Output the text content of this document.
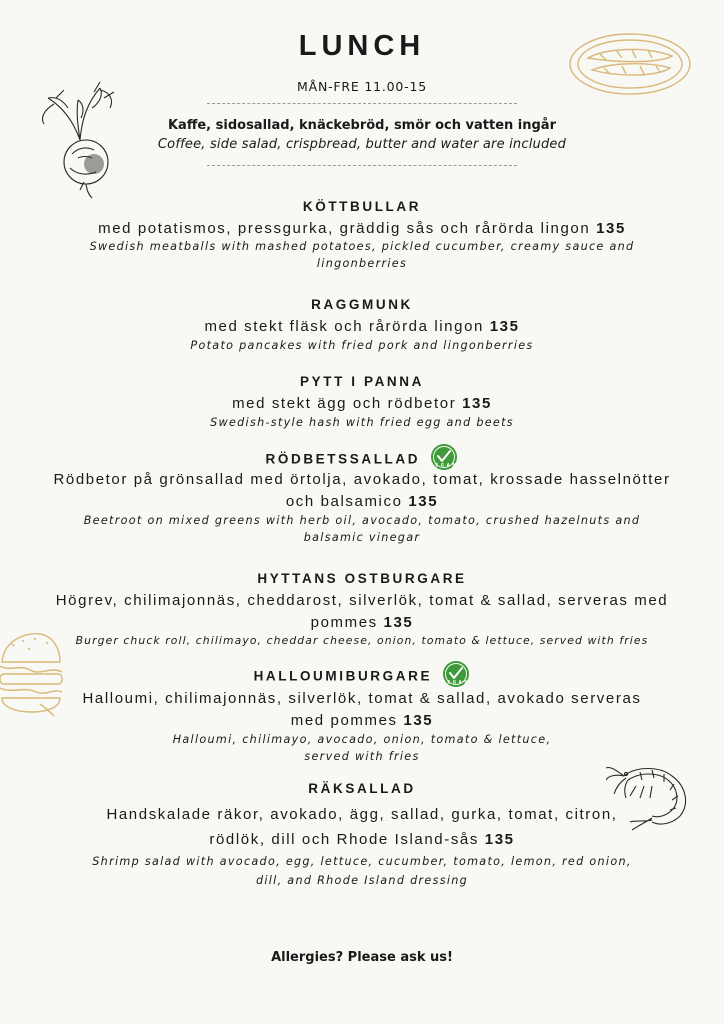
LUNCH
MÅN-FRE 11.00-15
Kaffe, sidosallad, knäckebröd, smör och vatten ingår
Coffee, side salad, crispbread, butter and water are included
KÖTTBULLAR
med potatismos, pressgurka, gräddig sås och rårörda lingon 135
Swedish meatballs with mashed potatoes, pickled cucumber, creamy sauce and lingonberries
RAGGMUNK
med stekt fläsk och rårörda lingon 135
Potato pancakes with fried pork and lingonberries
PYTT I PANNA
med stekt ägg och rödbetor 135
Swedish-style hash with fried egg and beets
RÖDBETSSALLAD	VEGAN
Rödbetor på grönsallad med örtolja, avokado, tomat, krossade hasselnötter och balsamico 135
Beetroot on mixed greens with herb oil, avocado, tomato, crushed hazelnuts and balsamic vinegar
HYTTANS OSTBURGARE
Högrev, chilimajonnäs, cheddarost, silverlök, tomat & sallad, serveras med pommes 135
Burger chuck roll, chilimayo, cheddar cheese, onion, tomato & lettuce, served with fries
HALLOUMIBURGARE	VEGAN
Halloumi, chilimajonnäs, silverlök, tomat & sallad, avokado serveras med pommes 135
Halloumi, chilimayo, avocado, onion, tomato & lettuce, served with fries
RÄKSALLAD
Handskalade räkor, avokado, ägg, sallad, gurka, tomat, citron, rödlök, dill och Rhode Island-sås 135
Shrimp salad with avocado, egg, lettuce, cucumber, tomato, lemon, red onion, dill, and Rhode Island dressing
Allergies? Please ask us!
